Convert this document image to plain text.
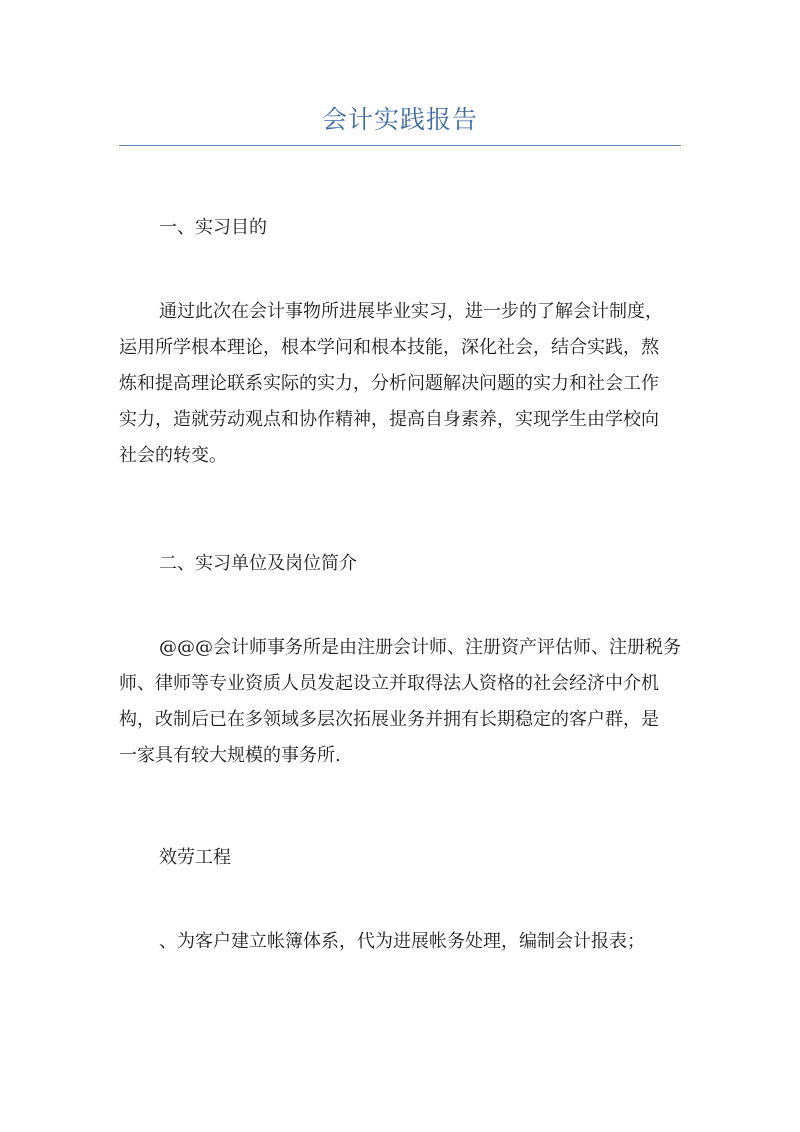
会计实践报告

一、实习目的

通过此次在会计事物所进展毕业实习，进一步的了解会计制度，
运用所学根本理论，根本学问和根本技能，深化社会，结合实践，熬
炼和提高理论联系实际的实力，分析问题解决问题的实力和社会工作
实力，造就劳动观点和协作精神，提高自身素养，实现学生由学校向
社会的转变。

二、实习单位及岗位简介

@@@会计师事务所是由注册会计师、注册资产评估师、注册税务
师、律师等专业资质人员发起设立并取得法人资格的社会经济中介机
构，改制后已在多领域多层次拓展业务并拥有长期稳定的客户群，是
一家具有较大规模的事务所.

效劳工程

、为客户建立帐簿体系，代为进展帐务处理，编制会计报表；
